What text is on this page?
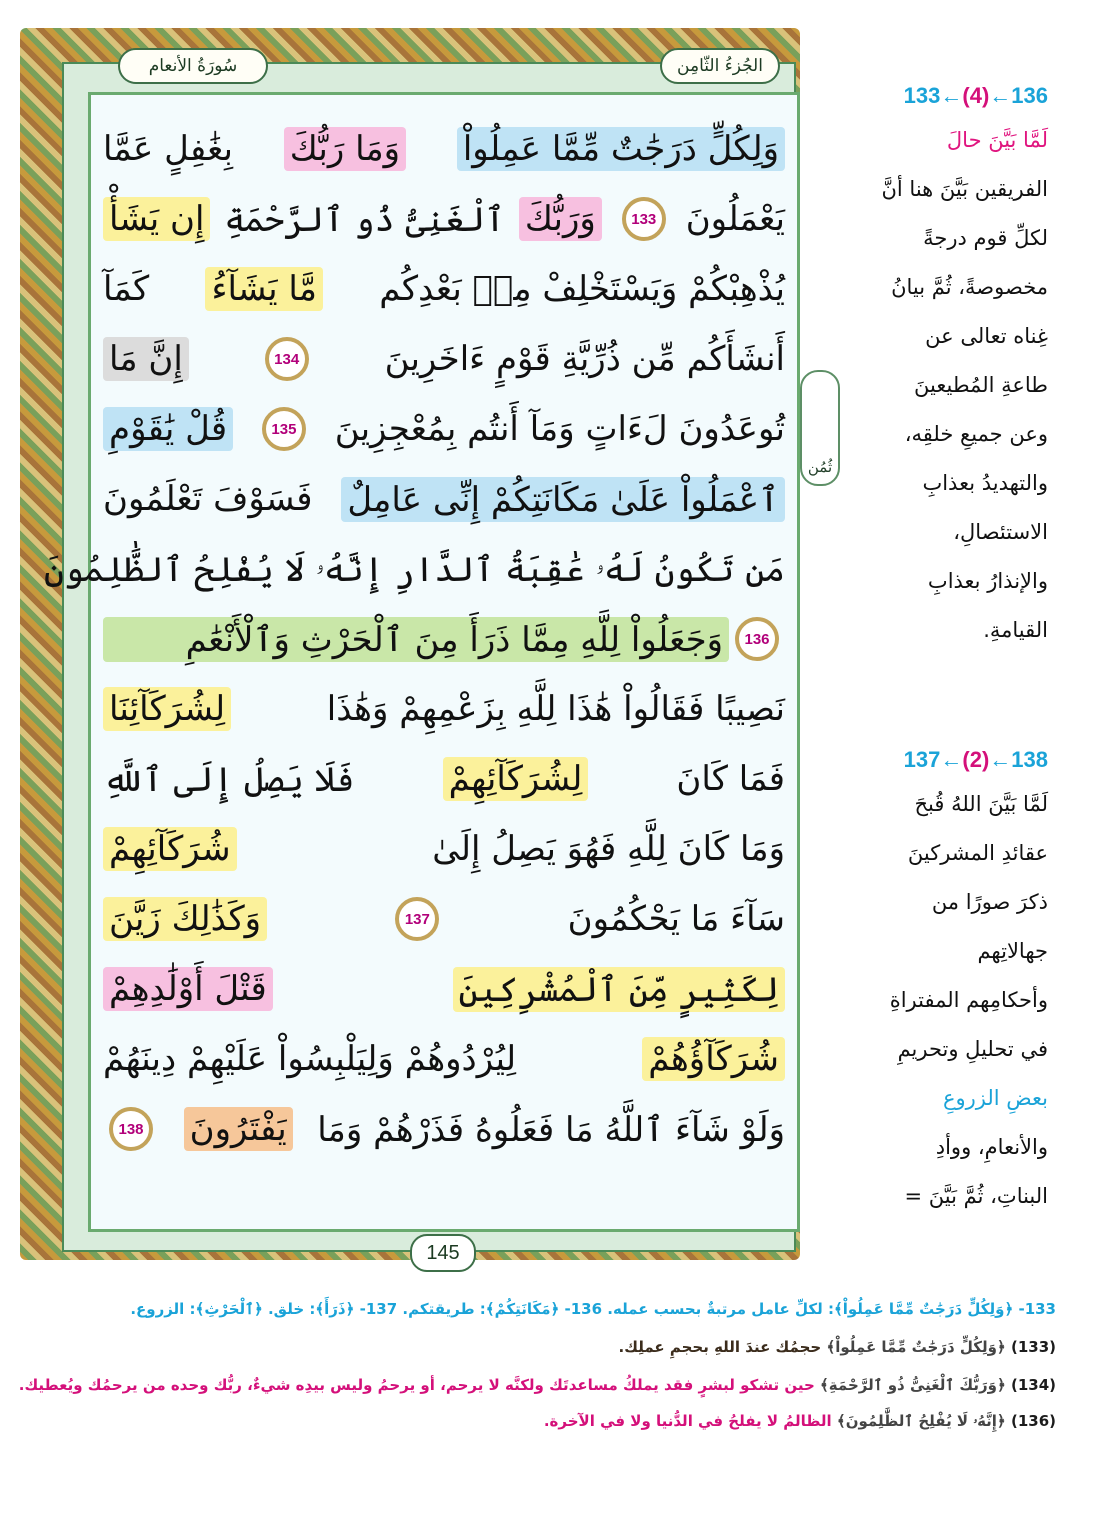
الجُزءُ الثّامِن
سُورَةُ الأنعام
ثُمُن
وَلِكُلٍّ دَرَجَٰتٌ مِّمَّا عَمِلُواْ
وَمَا رَبُّكَ
بِغَٰفِلٍ عَمَّا
يَعْمَلُونَ
133
وَرَبُّكَ
ٱلْغَنِىُّ ذُو ٱلرَّحْمَةِ
إِن يَشَأْ
يُذْهِبْكُمْ وَيَسْتَخْلِفْ مِنۢ بَعْدِكُم
مَّا يَشَآءُ
كَمَآ
أَنشَأَكُم مِّن ذُرِّيَّةِ قَوْمٍ ءَاخَرِينَ
134
إِنَّ مَا
تُوعَدُونَ لَءَاتٍ وَمَآ أَنتُم بِمُعْجِزِينَ
135
قُلْ يَٰقَوْمِ
ٱعْمَلُواْ عَلَىٰ مَكَانَتِكُمْ إِنِّى عَامِلٌ
فَسَوْفَ تَعْلَمُونَ
مَن تَكُونُ لَهُۥ عَٰقِبَةُ ٱلدَّارِ إِنَّهُۥ لَا يُفْلِحُ ٱلظَّٰلِمُونَ
136
وَجَعَلُواْ لِلَّهِ مِمَّا ذَرَأَ مِنَ ٱلْحَرْثِ وَٱلْأَنْعَٰمِ
نَصِيبًا فَقَالُواْ هَٰذَا لِلَّهِ بِزَعْمِهِمْ وَهَٰذَا
لِشُرَكَآئِنَا
فَمَا كَانَ
لِشُرَكَآئِهِمْ
فَلَا يَصِلُ إِلَى ٱللَّهِ
وَمَا كَانَ لِلَّهِ فَهُوَ يَصِلُ إِلَىٰ
شُرَكَآئِهِمْ
سَآءَ مَا يَحْكُمُونَ
137
وَكَذَٰلِكَ زَيَّنَ
لِكَثِيرٍ مِّنَ ٱلْمُشْرِكِينَ
قَتْلَ أَوْلَٰدِهِمْ
شُرَكَآؤُهُمْ
لِيُرْدُوهُمْ وَلِيَلْبِسُواْ عَلَيْهِمْ دِينَهُمْ
وَلَوْ شَآءَ ٱللَّهُ مَا فَعَلُوهُ فَذَرْهُمْ وَمَا
يَفْتَرُونَ
138
145
133←(4)←136
لَمَّا بَيَّنَ حالَ
الفريقين بَيَّنَ هنا أنَّ
لكلِّ قوم درجةً
مخصوصةً، ثُمَّ بيانُ
غِناه تعالى عن
طاعةِ المُطيعينَ
وعن جميعِ خلقِه،
والتهديدُ بعذابِ
الاستئصالِ،
والإنذارُ بعذابِ
القيامةِ.
137←(2)←138
لَمَّا بَيَّنَ اللهُ قُبحَ
عقائدِ المشركينَ
ذكرَ صورًا من
جهالاتِهم
وأحكامِهم المفتراةِ
في تحليلِ وتحريمِ
بعضِ الزروعِ
والأنعامِ، ووأدِ
البناتِ، ثُمَّ بَيَّنَ =
133- ﴿وَلِكُلٍّ دَرَجَٰتٌ مِّمَّا عَمِلُواْ﴾: لكلِّ عامل مرتبةٌ بحسب عمله. 136- ﴿مَكَانَتِكُمْ﴾: طريقتكم. 137- ﴿ذَرَأَ﴾: خلق. ﴿ٱلْحَرْثِ﴾: الزروع.
(133) ﴿وَلِكُلٍّ دَرَجَٰتٌ مِّمَّا عَمِلُواْ﴾ حجمُك عندَ اللهِ بحجمِ عملِك.
(134) ﴿وَرَبُّكَ ٱلْغَنِىُّ ذُو ٱلرَّحْمَةِ﴾ حين تشكو لبشرٍ فقد يملكُ مساعدتَك ولكنَّه لا يرحم، أو يرحمُ وليس بيدِه شيءٌ، ربُّك وحده من يرحمُك ويُعطيك.
(136) ﴿إِنَّهُۥ لَا يُفْلِحُ ٱلظَّٰلِمُونَ﴾ الظالمُ لا يفلحُ في الدُّنيا ولا في الآخرة.
